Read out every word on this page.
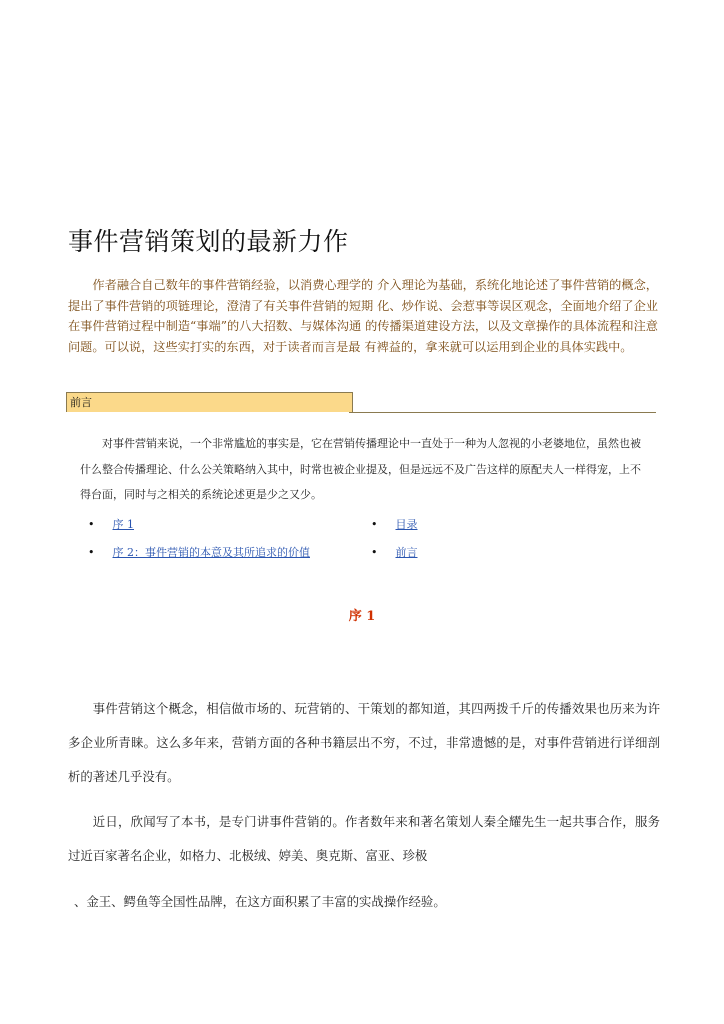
事件营销策划的最新力作

作者融合自己数年的事件营销经验，以消费心理学的 介入理论为基础，系统化地论述了事件营销的概念，提出了事件营销的项链理论，澄清了有关事件营销的短期 化、炒作说、会惹事等误区观念，全面地介绍了企业在事件营销过程中制造“事端”的八大招数、与媒体沟通 的传播渠道建设方法，以及文章操作的具体流程和注意问题。可以说，这些实打实的东西，对于读者而言是最 有裨益的，拿来就可以运用到企业的具体实践中。

前言

对事件营销来说，一个非常尴尬的事实是，它在营销传播理论中一直处于一种为人忽视的小老婆地位，虽然也被什么整合传播理论、什么公关策略纳入其中，时常也被企业提及，但是远远不及广告这样的原配夫人一样得宠，上不得台面，同时与之相关的系统论述更是少之又少。

• 序 1	• 目录
• 序 2：事件营销的本意及其所追求的价值	• 前言
序 1

事件营销这个概念，相信做市场的、玩营销的、干策划的都知道，其四两拨千斤的传播效果也历来为许多企业所青睐。这么多年来，营销方面的各种书籍层出不穷，不过，非常遗憾的是，对事件营销进行详细剖析的著述几乎没有。

近日，欣闻写了本书，是专门讲事件营销的。作者数年来和著名策划人秦全耀先生一起共事合作，服务过近百家著名企业，如格力、北极绒、婷美、奥克斯、富亚、珍极

、金王、鳄鱼等全国性品牌，在这方面积累了丰富的实战操作经验。
